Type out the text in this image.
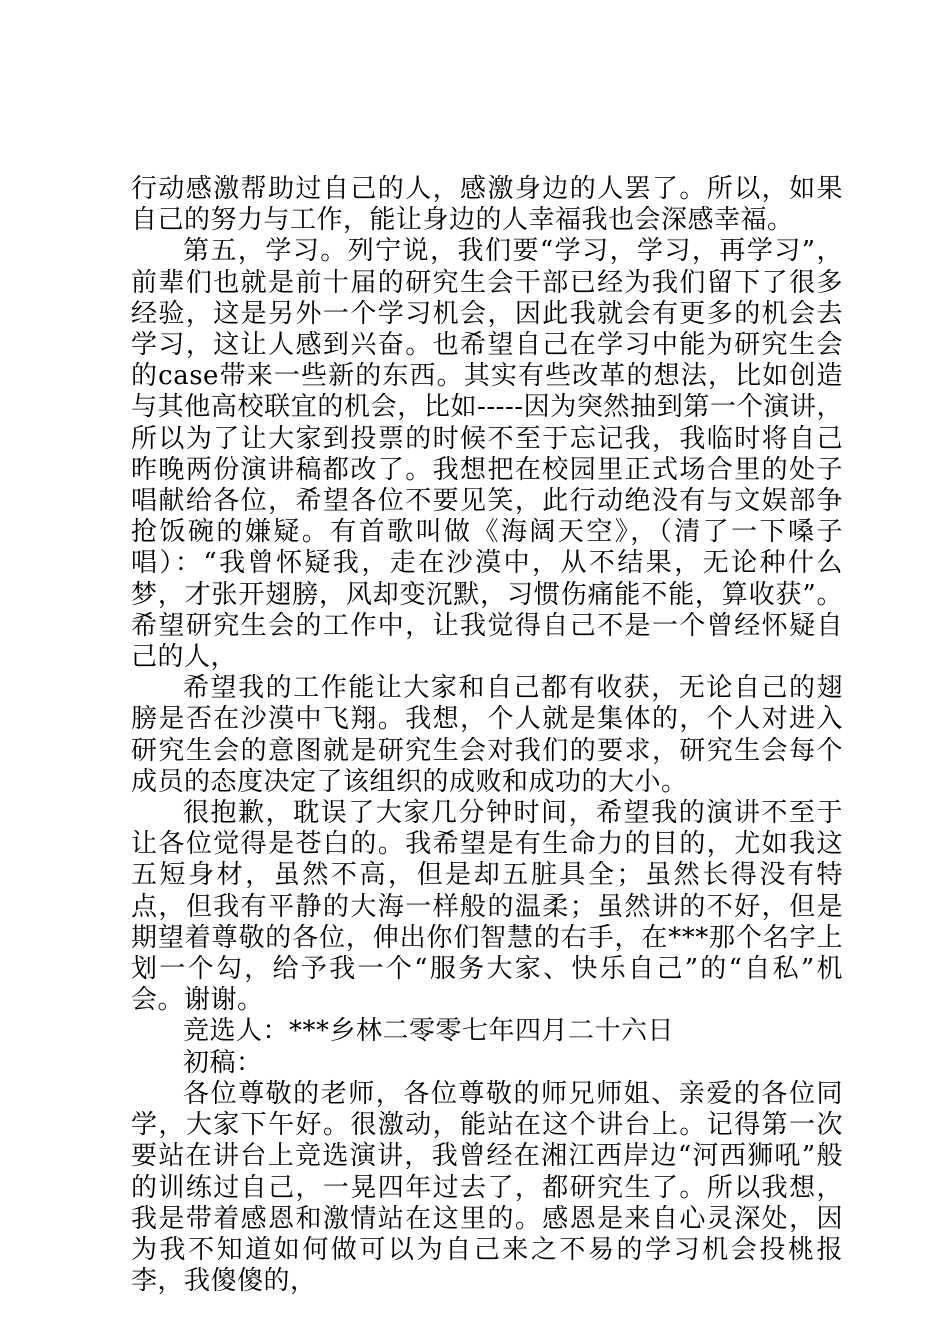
行动感激帮助过自己的人，感激身边的人罢了。所以，如果自己的努力与工作，能让身边的人幸福我也会深感幸福。

第五，学习。列宁说，我们要“学习，学习，再学习”，前辈们也就是前十届的研究生会干部已经为我们留下了很多经验，这是另外一个学习机会，因此我就会有更多的机会去学习，这让人感到兴奋。也希望自己在学习中能为研究生会的case带来一些新的东西。其实有些改革的想法，比如创造与其他高校联宜的机会，比如-----因为突然抽到第一个演讲，所以为了让大家到投票的时候不至于忘记我，我临时将自己昨晚两份演讲稿都改了。我想把在校园里正式场合里的处子唱献给各位，希望各位不要见笑，此行动绝没有与文娱部争抢饭碗的嫌疑。有首歌叫做《海阔天空》，（清了一下嗓子唱）：“我曾怀疑我，走在沙漠中，从不结果，无论种什么梦，才张开翅膀，风却变沉默，习惯伤痛能不能，算收获”。希望研究生会的工作中，让我觉得自己不是一个曾经怀疑自己的人，

希望我的工作能让大家和自己都有收获，无论自己的翅膀是否在沙漠中飞翔。我想，个人就是集体的，个人对进入研究生会的意图就是研究生会对我们的要求，研究生会每个成员的态度决定了该组织的成败和成功的大小。

很抱歉，耽误了大家几分钟时间，希望我的演讲不至于让各位觉得是苍白的。我希望是有生命力的目的，尤如我这五短身材，虽然不高，但是却五脏具全；虽然长得没有特点，但我有平静的大海一样般的温柔；虽然讲的不好，但是期望着尊敬的各位，伸出你们智慧的右手，在***那个名字上划一个勾，给予我一个“服务大家、快乐自己”的“自私”机会。谢谢。

竞选人：***乡林二零零七年四月二十六日

初稿：

各位尊敬的老师，各位尊敬的师兄师姐、亲爱的各位同学，大家下午好。很激动，能站在这个讲台上。记得第一次要站在讲台上竞选演讲，我曾经在湘江西岸边“河西狮吼”般的训练过自己，一晃四年过去了，都研究生了。所以我想，我是带着感恩和激情站在这里的。感恩是来自心灵深处，因为我不知道如何做可以为自己来之不易的学习机会投桃报李，我傻傻的，
